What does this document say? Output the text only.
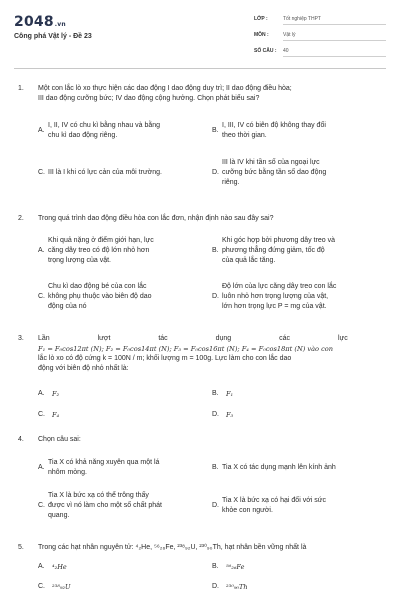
2048.vn
Công phá Vật lý - Đề 23
LỚP :	Tốt nghiệp THPT
MÔN :	Vật lý
SỐ CÂU : 40
1. Một con lắc lò xo thực hiện các dao động I dao động duy trì; II dao động điều hòa;
III dao động cưỡng bức; IV dao động cộng hưởng. Chọn phát biểu sai?
A.
I, II, IV có chu kì bằng nhau và bằng
chu kì dao động riêng.
B.
I, III, IV có biên độ không thay đổi
theo thời gian.
C. III là I khi có lực cản của môi trường.	D.
III là IV khi tần số của ngoại lực
cưỡng bức bằng tần số dao động
riêng.
2. Trong quá trình dao động điều hòa con lắc đơn, nhận định nào sau đây sai?
A.
Khi quả nặng ở điểm giới hạn, lực
căng dây treo có độ lớn nhỏ hơn
trọng lượng của vật.
B.
Khi góc hợp bởi phương dây treo và
phương thẳng đứng giảm, tốc độ
của quả lắc tăng.
C.
Chu kì dao động bé của con lắc
không phụ thuộc vào biên độ dao
động của nó
D.
Độ lớn của lực căng dây treo con lắc
luôn nhỏ hơn trọng lượng của vật,
lớn hơn trọng lực P = mg của vật.
3. Lần lượt tác dụng các lực
F₁ = F₀cos12πt (N); F₂ = F₀cos14πt (N); F₃ = F₀cos16πt (N); F₄ = F₀cos18πt (N) vào con
lắc lò xo có độ cứng k = 100N / m; khối lượng m = 100g. Lực làm cho con lắc dao
động với biên độ nhỏ nhất là:
A. F₂	B. F₁
C. F₄	D. F₃
4. Chọn câu sai:
A.
Tia X có khả năng xuyên qua một lá
nhôm mỏng.
B. Tia X có tác dụng mạnh lên kính ảnh
C.
Tia X là bức xạ có thể trông thấy
được vì nó làm cho một số chất phát
quang.
D.
Tia X là bức xạ có hại đối với sức
khỏe con người.
5. Trong các hạt nhân nguyên tử: ⁴₂He, ⁵⁶₂₆Fe, ²³⁸₉₂U, ²³⁰₉₀Th, hạt nhân bền vững nhất là
A. ⁴₂He	B. ⁵⁶₂₆Fe
C. ²³⁸₉₂U	D. ²³⁰₉₀Th
